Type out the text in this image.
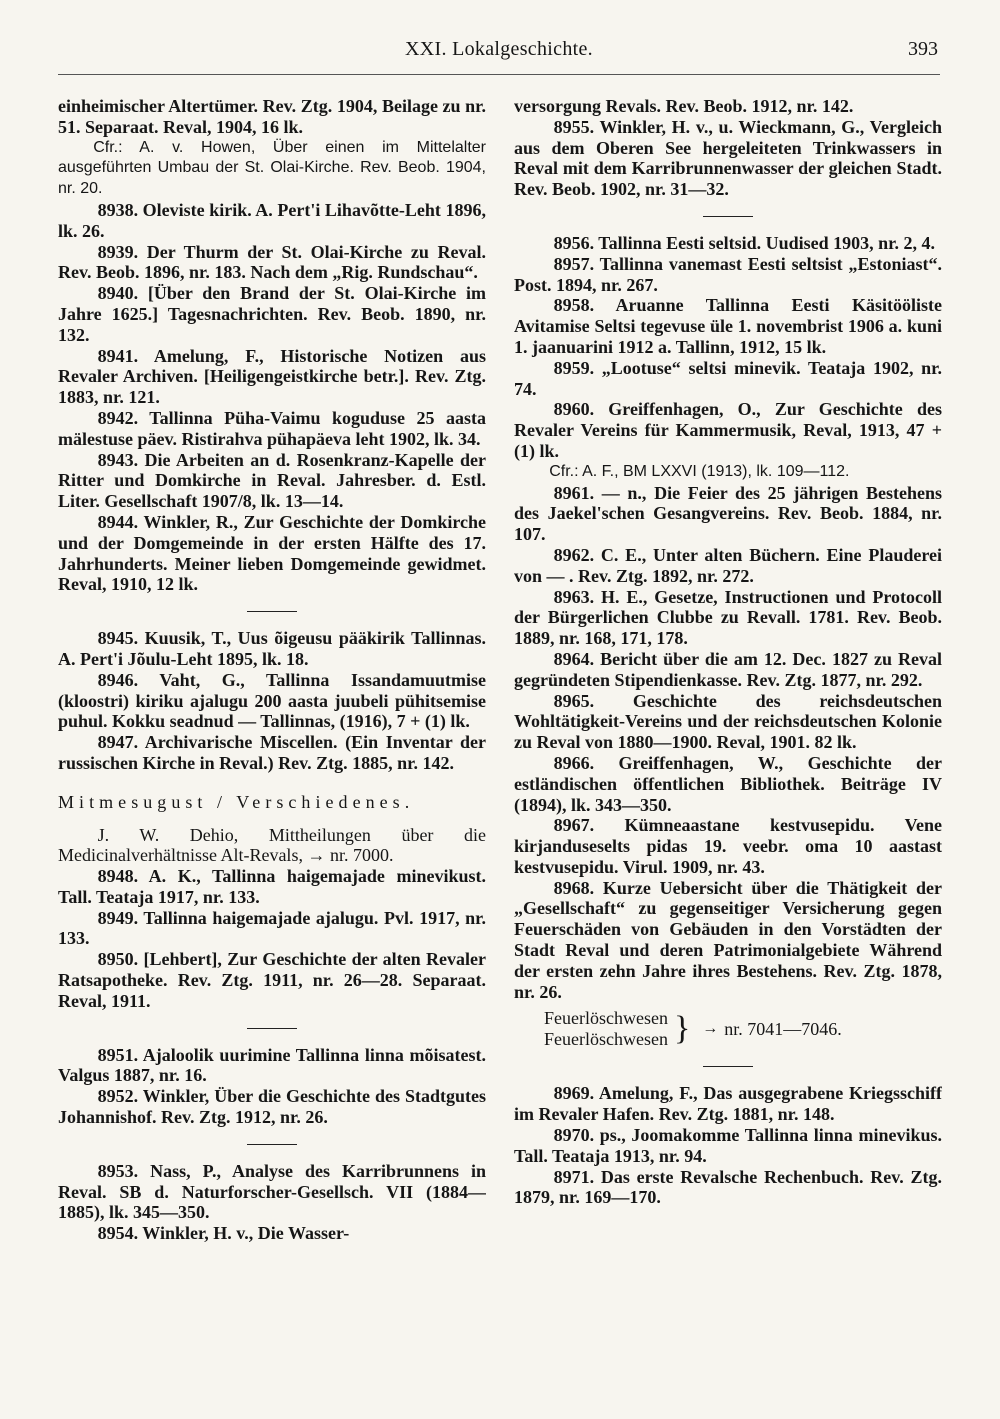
XXI. Lokalgeschichte.	393

einheimischer Altertümer. Rev. Ztg. 1904, Beilage zu nr. 51. Separaat. Reval, 1904, 16 lk.

Cfr.: A. v. Howen, Über einen im Mittelalter ausgeführten Umbau der St. Olai-Kirche. Rev. Beob. 1904, nr. 20.

8938. Oleviste kirik. A. Pert'i Lihavõtte-Leht 1896, lk. 26.

8939. Der Thurm der St. Olai-Kirche zu Reval. Rev. Beob. 1896, nr. 183. Nach dem „Rig. Rundschau“.

8940. [Über den Brand der St. Olai-Kirche im Jahre 1625.] Tagesnachrichten. Rev. Beob. 1890, nr. 132.

8941. Amelung, F., Historische Notizen aus Revaler Archiven. [Heiligengeistkirche betr.]. Rev. Ztg. 1883, nr. 121.

8942. Tallinna Püha-Vaimu koguduse 25 aasta mälestuse päev. Ristirahva pühapäeva leht 1902, lk. 34.

8943. Die Arbeiten an d. Rosenkranz-Kapelle der Ritter und Domkirche in Reval. Jahresber. d. Estl. Liter. Gesellschaft 1907/8, lk. 13—14.

8944. Winkler, R., Zur Geschichte der Domkirche und der Domgemeinde in der ersten Hälfte des 17. Jahrhunderts. Meiner lieben Domgemeinde gewidmet. Reval, 1910, 12 lk.

8945. Kuusik, T., Uus õigeusu pääkirik Tallinnas. A. Pert'i Jõulu-Leht 1895, lk. 18.

8946. Vaht, G., Tallinna Issandamuutmise (kloostri) kiriku ajalugu 200 aasta juubeli pühitsemise puhul. Kokku seadnud — Tallinnas, (1916), 7 + (1) lk.

8947. Archivarische Miscellen. (Ein Inventar der russischen Kirche in Reval.) Rev. Ztg. 1885, nr. 142.

Mitmesugust / Verschiedenes.

J. W. Dehio, Mittheilungen über die Medicinalverhältnisse Alt-Revals, → nr. 7000.

8948. A. K., Tallinna haigemajade minevikust. Tall. Teataja 1917, nr. 133.

8949. Tallinna haigemajade ajalugu. Pvl. 1917, nr. 133.

8950. [Lehbert], Zur Geschichte der alten Revaler Ratsapotheke. Rev. Ztg. 1911, nr. 26—28. Separaat. Reval, 1911.

8951. Ajaloolik uurimine Tallinna linna mõisatest. Valgus 1887, nr. 16.

8952. Winkler, Über die Geschichte des Stadtgutes Johannishof. Rev. Ztg. 1912, nr. 26.

8953. Nass, P., Analyse des Karribrunnens in Reval. SB d. Naturforscher-Gesellsch. VII (1884—1885), lk. 345—350.

8954. Winkler, H. v., Die Wasser-

versorgung Revals. Rev. Beob. 1912, nr. 142.

8955. Winkler, H. v., u. Wieckmann, G., Vergleich aus dem Oberen See hergeleiteten Trinkwassers in Reval mit dem Karribrunnenwasser der gleichen Stadt. Rev. Beob. 1902, nr. 31—32.

8956. Tallinna Eesti seltsid. Uudised 1903, nr. 2, 4.

8957. Tallinna vanemast Eesti seltsist „Estoniast“. Post. 1894, nr. 267.

8958. Aruanne Tallinna Eesti Käsitööliste Avitamise Seltsi tegevuse üle 1. novembrist 1906 a. kuni 1. jaanuarini 1912 a. Tallinn, 1912, 15 lk.

8959. „Lootuse“ seltsi minevik. Teataja 1902, nr. 74.

8960. Greiffenhagen, O., Zur Geschichte des Revaler Vereins für Kammermusik, Reval, 1913, 47 + (1) lk.

Cfr.: A. F., BM LXXVI (1913), lk. 109—112.

8961. — n., Die Feier des 25 jährigen Bestehens des Jaekel'schen Gesangvereins. Rev. Beob. 1884, nr. 107.

8962. C. E., Unter alten Büchern. Eine Plauderei von — . Rev. Ztg. 1892, nr. 272.

8963. H. E., Gesetze, Instructionen und Protocoll der Bürgerlichen Clubbe zu Revall. 1781. Rev. Beob. 1889, nr. 168, 171, 178.

8964. Bericht über die am 12. Dec. 1827 zu Reval gegründeten Stipendienkasse. Rev. Ztg. 1877, nr. 292.

8965. Geschichte des reichsdeutschen Wohltätigkeit-Vereins und der reichsdeutschen Kolonie zu Reval von 1880—1900. Reval, 1901. 82 lk.

8966. Greiffenhagen, W., Geschichte der estländischen öffentlichen Bibliothek. Beiträge IV (1894), lk. 343—350.

8967. Kümneaastane kestvusepidu. Vene kirjanduseselts pidas 19. veebr. oma 10 aastast kestvusepidu. Virul. 1909, nr. 43.

8968. Kurze Uebersicht über die Thätigkeit der „Gesellschaft“ zu gegenseitiger Versicherung gegen Feuerschäden von Gebäuden in den Vorstädten der Stadt Reval und deren Patrimonialgebiete Während der ersten zehn Jahre ihres Bestehens. Rev. Ztg. 1878, nr. 26.

Feuerlöschwesen
Feuerlöschwesen } → nr. 7041—7046.

8969. Amelung, F., Das ausgegrabene Kriegsschiff im Revaler Hafen. Rev. Ztg. 1881, nr. 148.

8970. ps., Joomakomme Tallinna linna minevikus. Tall. Teataja 1913, nr. 94.

8971. Das erste Revalsche Rechenbuch. Rev. Ztg. 1879, nr. 169—170.
